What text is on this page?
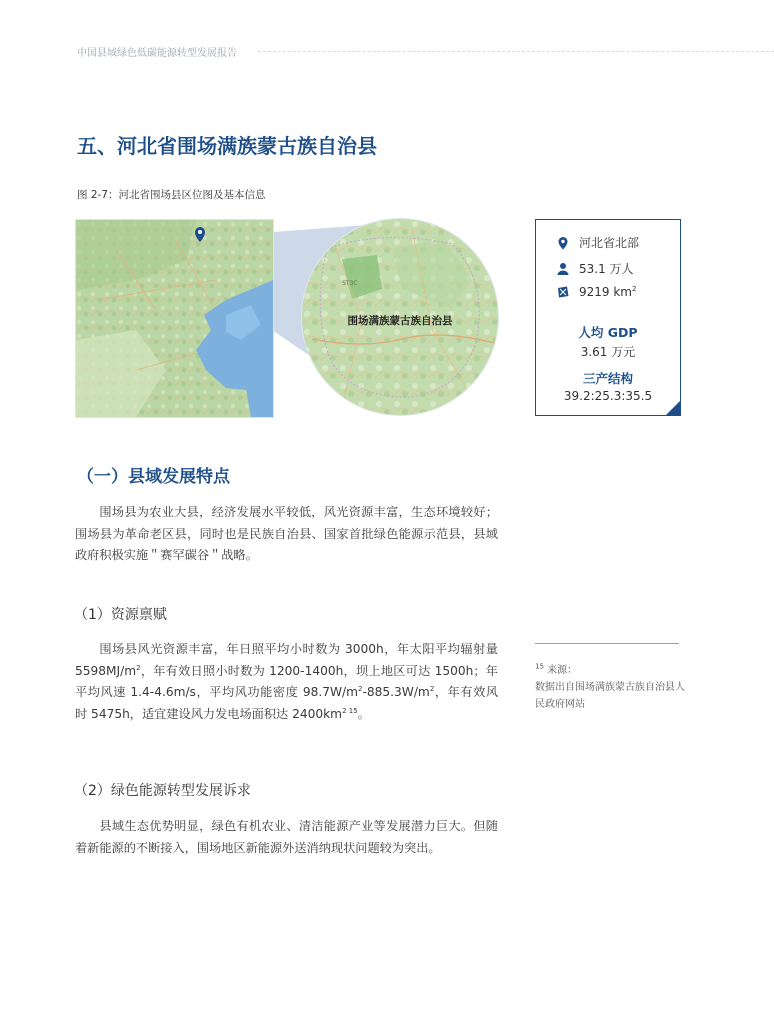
中国县域绿色低碳能源转型发展报告
五、河北省围场满族蒙古族自治县
图 2-7：河北省围场县区位图及基本信息
ST3C
围场满族蒙古族自治县
河北省北部
53.1 万人
9219 $km^2$
人均 GDP
3.61 万元
三产结构
39.2:25.3:35.5
（一）县域发展特点

围场县为农业大县，经济发展水平较低，风光资源丰富，生态环境较好；围场县为革命老区县，同时也是民族自治县、国家首批绿色能源示范县，县域政府积极实施＂赛罕碳谷＂战略。

（1）资源禀赋

围场县风光资源丰富，年日照平均小时数为 3000h，年太阳平均辐射量 $5598MJ/m^2$，年有效日照小时数为 1200-1400h，坝上地区可达 1500h；年平均风速 1.4-4.6m/s，平均风功能密度 $98.7W/m^2-885.3W/m^2$，年有效风时 5475h，适宜建设风力发电场面积达 $2400km^{2 15}$。

（2）绿色能源转型发展诉求

县域生态优势明显，绿色有机农业、清洁能源产业等发展潜力巨大。但随着新能源的不断接入，围场地区新能源外送消纳现状问题较为突出。

$^{15}$ 来源：
数据出自围场满族蒙古族自治县人民政府网站
